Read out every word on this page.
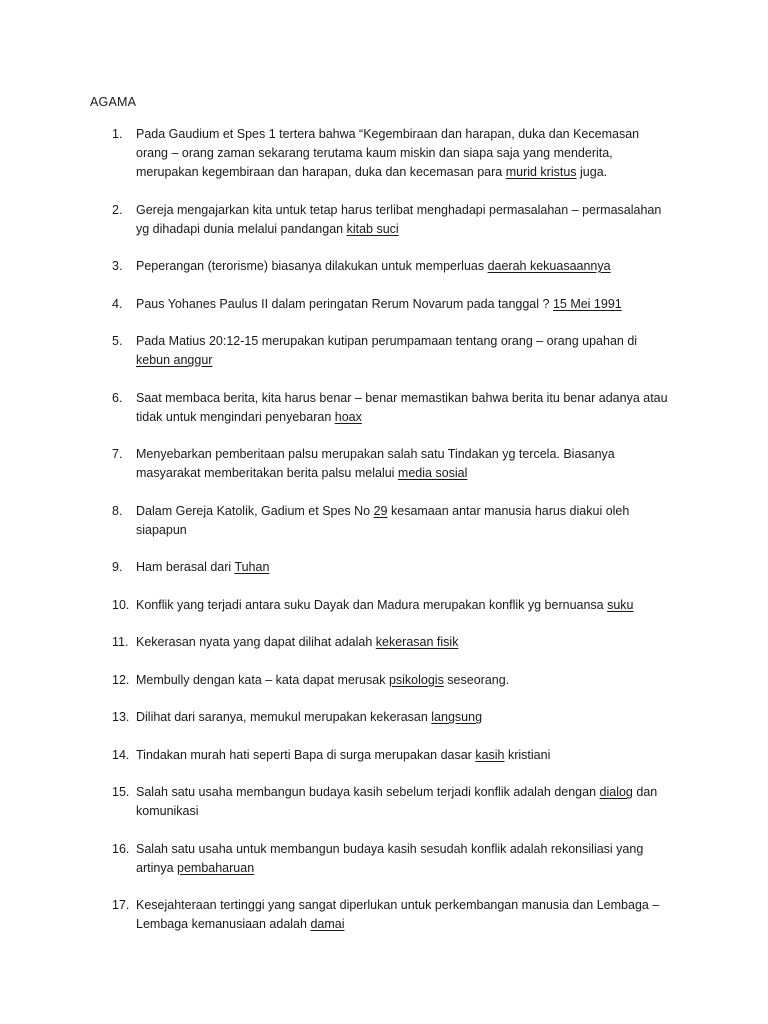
AGAMA
1.	Pada Gaudium et Spes 1 tertera bahwa “Kegembiraan dan harapan, duka dan Kecemasan orang – orang zaman sekarang terutama kaum miskin dan siapa saja yang menderita, merupakan kegembiraan dan harapan, duka dan kecemasan para murid kristus juga.
2.	Gereja mengajarkan kita untuk tetap harus terlibat menghadapi permasalahan – permasalahan yg dihadapi dunia melalui pandangan kitab suci
3.	Peperangan (terorisme) biasanya dilakukan untuk memperluas daerah kekuasaannya
4.	Paus Yohanes Paulus II dalam peringatan Rerum Novarum pada tanggal ? 15 Mei 1991
5.	Pada Matius 20:12-15 merupakan kutipan perumpamaan tentang orang – orang upahan di kebun anggur
6.	Saat membaca berita, kita harus benar – benar memastikan bahwa berita itu benar adanya atau tidak untuk mengindari penyebaran hoax
7.	Menyebarkan pemberitaan palsu merupakan salah satu Tindakan yg tercela. Biasanya masyarakat memberitakan berita palsu melalui media sosial
8.	Dalam Gereja Katolik, Gadium et Spes No 29 kesamaan antar manusia harus diakui oleh siapapun
9.	Ham berasal dari Tuhan
10. Konflik yang terjadi antara suku Dayak dan Madura merupakan konflik yg bernuansa suku
11. Kekerasan nyata yang dapat dilihat adalah kekerasan fisik
12. Membully dengan kata – kata dapat merusak psikologis seseorang.
13. Dilihat dari saranya, memukul merupakan kekerasan langsung
14. Tindakan murah hati seperti Bapa di surga merupakan dasar kasih kristiani
15. Salah satu usaha membangun budaya kasih sebelum terjadi konflik adalah dengan dialog dan komunikasi
16. Salah satu usaha untuk membangun budaya kasih sesudah konflik adalah rekonsiliasi yang artinya pembaharuan
17. Kesejahteraan tertinggi yang sangat diperlukan untuk perkembangan manusia dan Lembaga – Lembaga kemanusiaan adalah damai
